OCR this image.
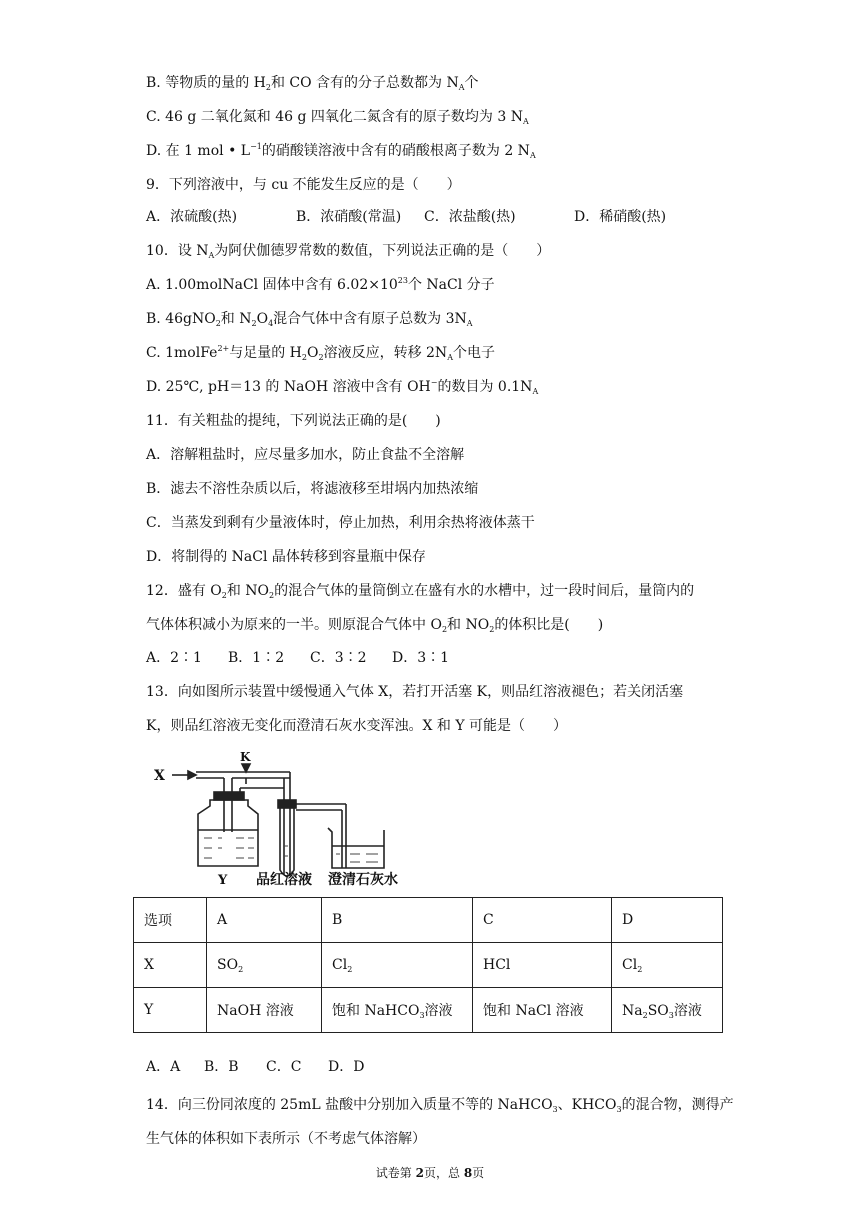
B. 等物质的量的 $H_2$和 CO 含有的分子总数都为 $N_A$个
C. 46 g 二氧化氮和 46 g 四氧化二氮含有的原子数均为 3 $N_A$
D. 在 1 mol • $L^{-1}$的硝酸镁溶液中含有的硝酸根离子数为 2 $N_A$
9．下列溶液中，与 cu 不能发生反应的是（　　）
A．浓硫酸(热)	B．浓硝酸(常温) C．浓盐酸(热)	D．稀硝酸(热)
10．设 $N_A$为阿伏伽德罗常数的数值，下列说法正确的是（　　）
A. 1.00molNaCl 固体中含有 $6.02\times 10^{23}$个 NaCl 分子
B. 46gNO$_2$和 $N_2O_4$混合气体中含有原子总数为 $3N_A$
C. 1molFe$^{2+}$与足量的 $H_2O_2$溶液反应，转移 $2N_A$个电子
D. 25℃, pH＝13 的 NaOH 溶液中含有 OH−的数目为 $0.1N_A$
11．有关粗盐的提纯，下列说法正确的是(　　)
A．溶解粗盐时，应尽量多加水，防止食盐不全溶解
B．滤去不溶性杂质以后，将滤液移至坩埚内加热浓缩
C．当蒸发到剩有少量液体时，停止加热，利用余热将液体蒸干
D．将制得的 NaCl 晶体转移到容量瓶中保存
12．盛有 $O_2$和 $NO_2$的混合气体的量筒倒立在盛有水的水槽中，过一段时间后，量筒内的
气体体积减小为原来的一半。则原混合气体中 $O_2$和 $NO_2$的体积比是(　　)
A．2∶1 B．1∶2 C．3∶2 D．3∶1
13．向如图所示装置中缓慢通入气体 X，若打开活塞 K，则品红溶液褪色；若关闭活塞
K，则品红溶液无变化而澄清石灰水变浑浊。X 和 Y 可能是（　　）
X
K
Y 品红溶液 澄清石灰水
选项	A	B	C	D
X	$SO_2$	$Cl_2$	HCl	$Cl_2$
Y	NaOH 溶液	饱和 NaHCO$_3$溶液	饱和 NaCl 溶液	$Na_2SO_3$溶液
A．A B．B C．C D．D
14．向三份同浓度的 25mL 盐酸中分别加入质量不等的 NaHCO$_3$、$KHCO_3$的混合物，测得产
生气体的体积如下表所示（不考虑气体溶解）
试卷第 2页，总 8页
